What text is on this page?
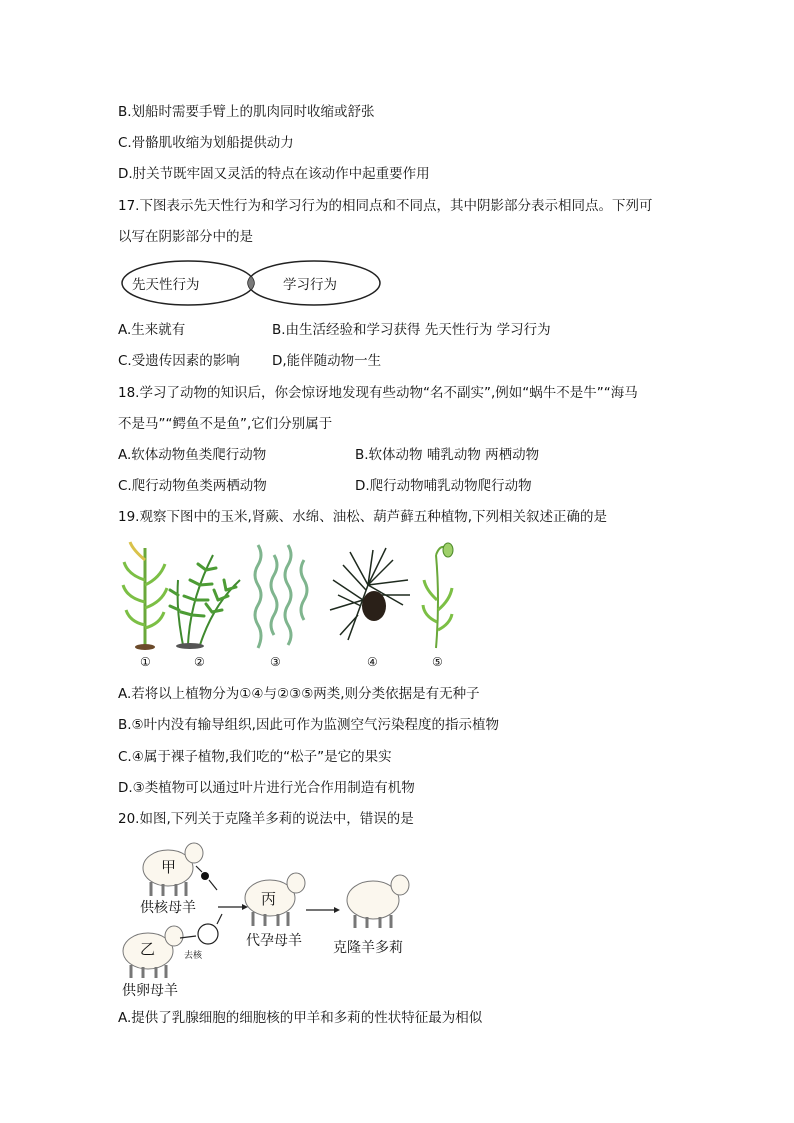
B.划船时需要手臂上的肌肉同时收缩或舒张
C.骨骼肌收缩为划船提供动力
D.肘关节既牢固又灵活的特点在该动作中起重要作用
17.下图表示先天性行为和学习行为的相同点和不同点，其中阴影部分表示相同点。下列可
以写在阴影部分中的是
先天性行为	学习行为
A.生来就有	B.由生活经验和学习获得 先天性行为 学习行为
C.受遗传因素的影响 D,能伴随动物一生
18.学习了动物的知识后，你会惊讶地发现有些动物“名不副实”,例如“蜗牛不是牛”“海马
不是马”“鳄鱼不是鱼”,它们分别属于
A.软体动物鱼类爬行动物	B.软体动物 哺乳动物 两栖动物
C.爬行动物鱼类两栖动物	D.爬行动物哺乳动物爬行动物
19.观察下图中的玉米,肾蕨、水绵、油松、葫芦藓五种植物,下列相关叙述正确的是
①	②	③	④	⑤
A.若将以上植物分为①④与②③⑤两类,则分类依据是有无种子
B.⑤叶内没有输导组织,因此可作为监测空气污染程度的指示植物
C.④属于裸子植物,我们吃的“松子”是它的果实
D.③类植物可以通过叶片进行光合作用制造有机物
20.如图,下列关于克隆羊多莉的说法中，错误的是
甲
乙
丙
供核母羊
供卵母羊
代孕母羊 克隆羊多莉
去核
A.提供了乳腺细胞的细胞核的甲羊和多莉的性状特征最为相似
